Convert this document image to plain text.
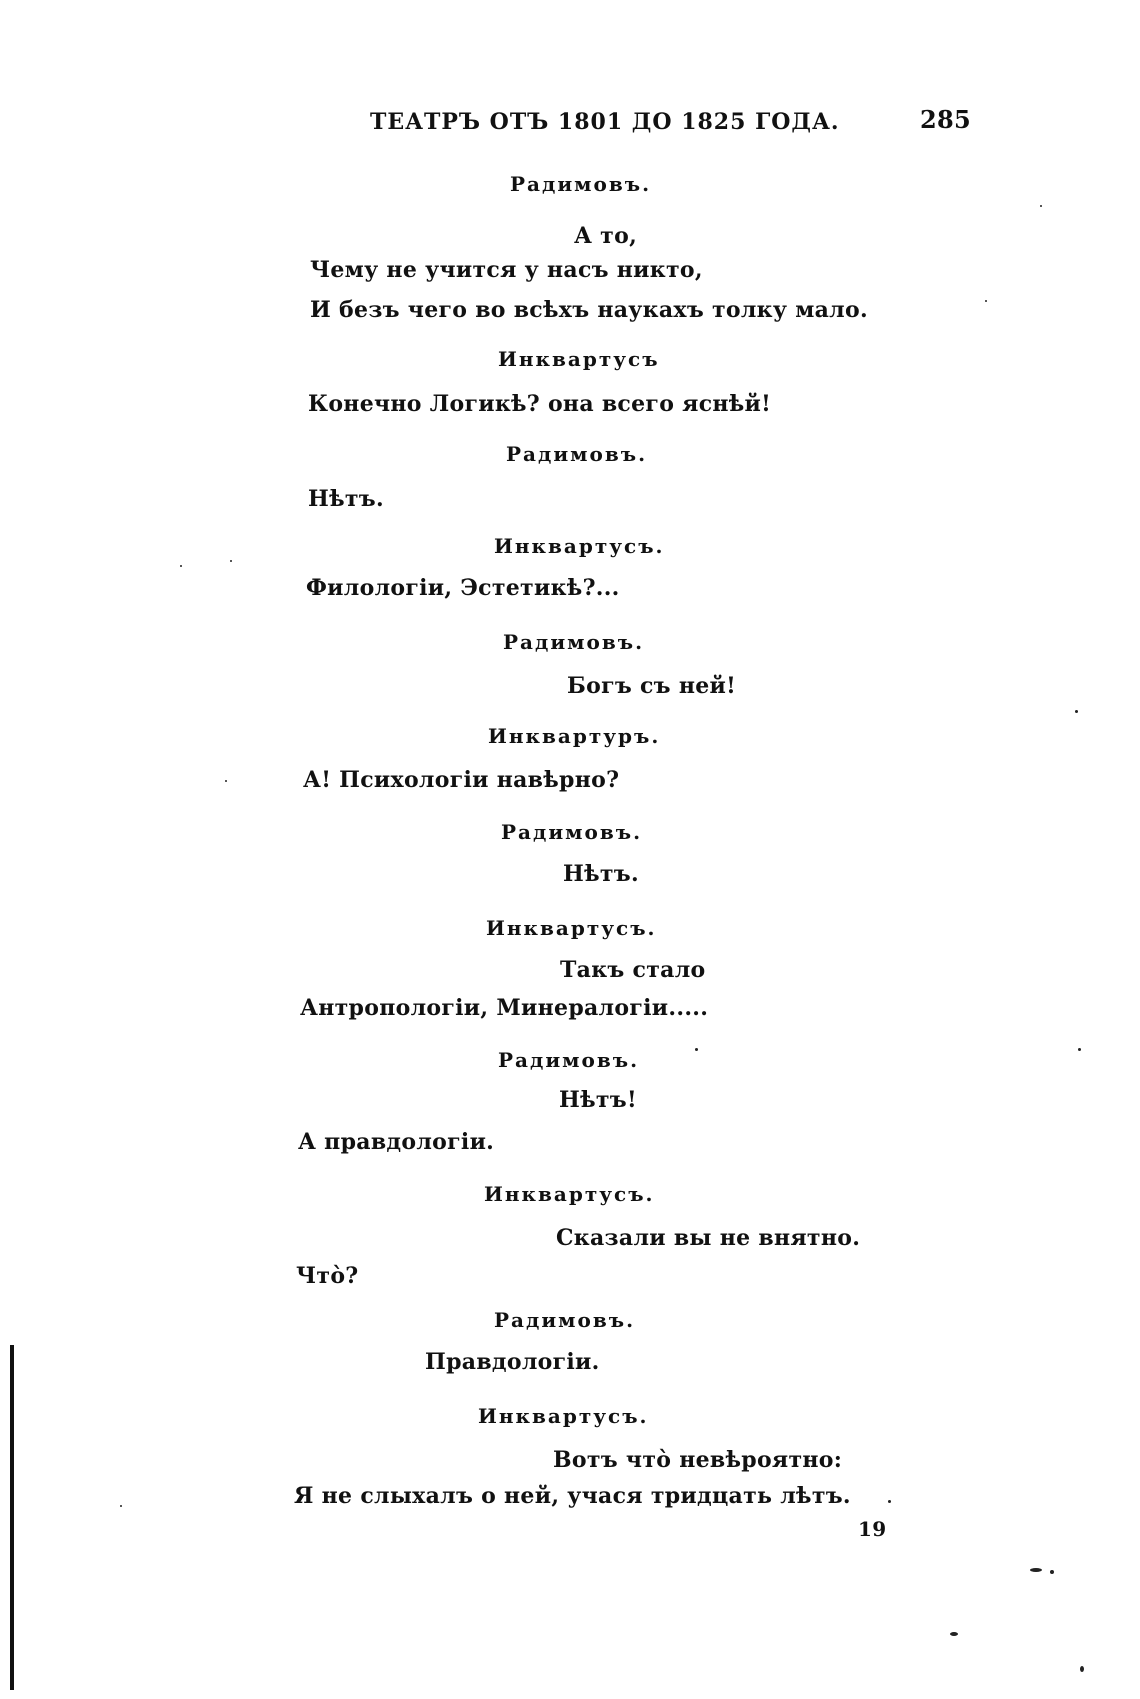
ТЕАТРЪ ОТЪ 1801 ДО 1825 ГОДА.	285
Радимовъ.
А то,
Чему не учится у насъ никто,
И безъ чего во всѣхъ наукахъ толку мало.
Инквартусъ
Конечно Логикѣ? она всего яснѣй!
Радимовъ.
Нѣтъ.
Инквартусъ.
Филологіи, Эстетикѣ?...
Радимовъ.
Богъ съ ней!
Инквартуръ.
А! Психологіи навѣрно?
Радимовъ.
Нѣтъ.
Инквартусъ.
Такъ стало
Антропологіи, Минералогіи.....
Радимовъ.
Нѣтъ!
А правдологіи.
Инквартусъ.
Сказали вы не внятно.
Что̀?
Радимовъ.
Правдологіи.
Инквартусъ.
Вотъ что̀ невѣроятно:
Я не слыхалъ о ней, учася тридцать лѣтъ.
19
